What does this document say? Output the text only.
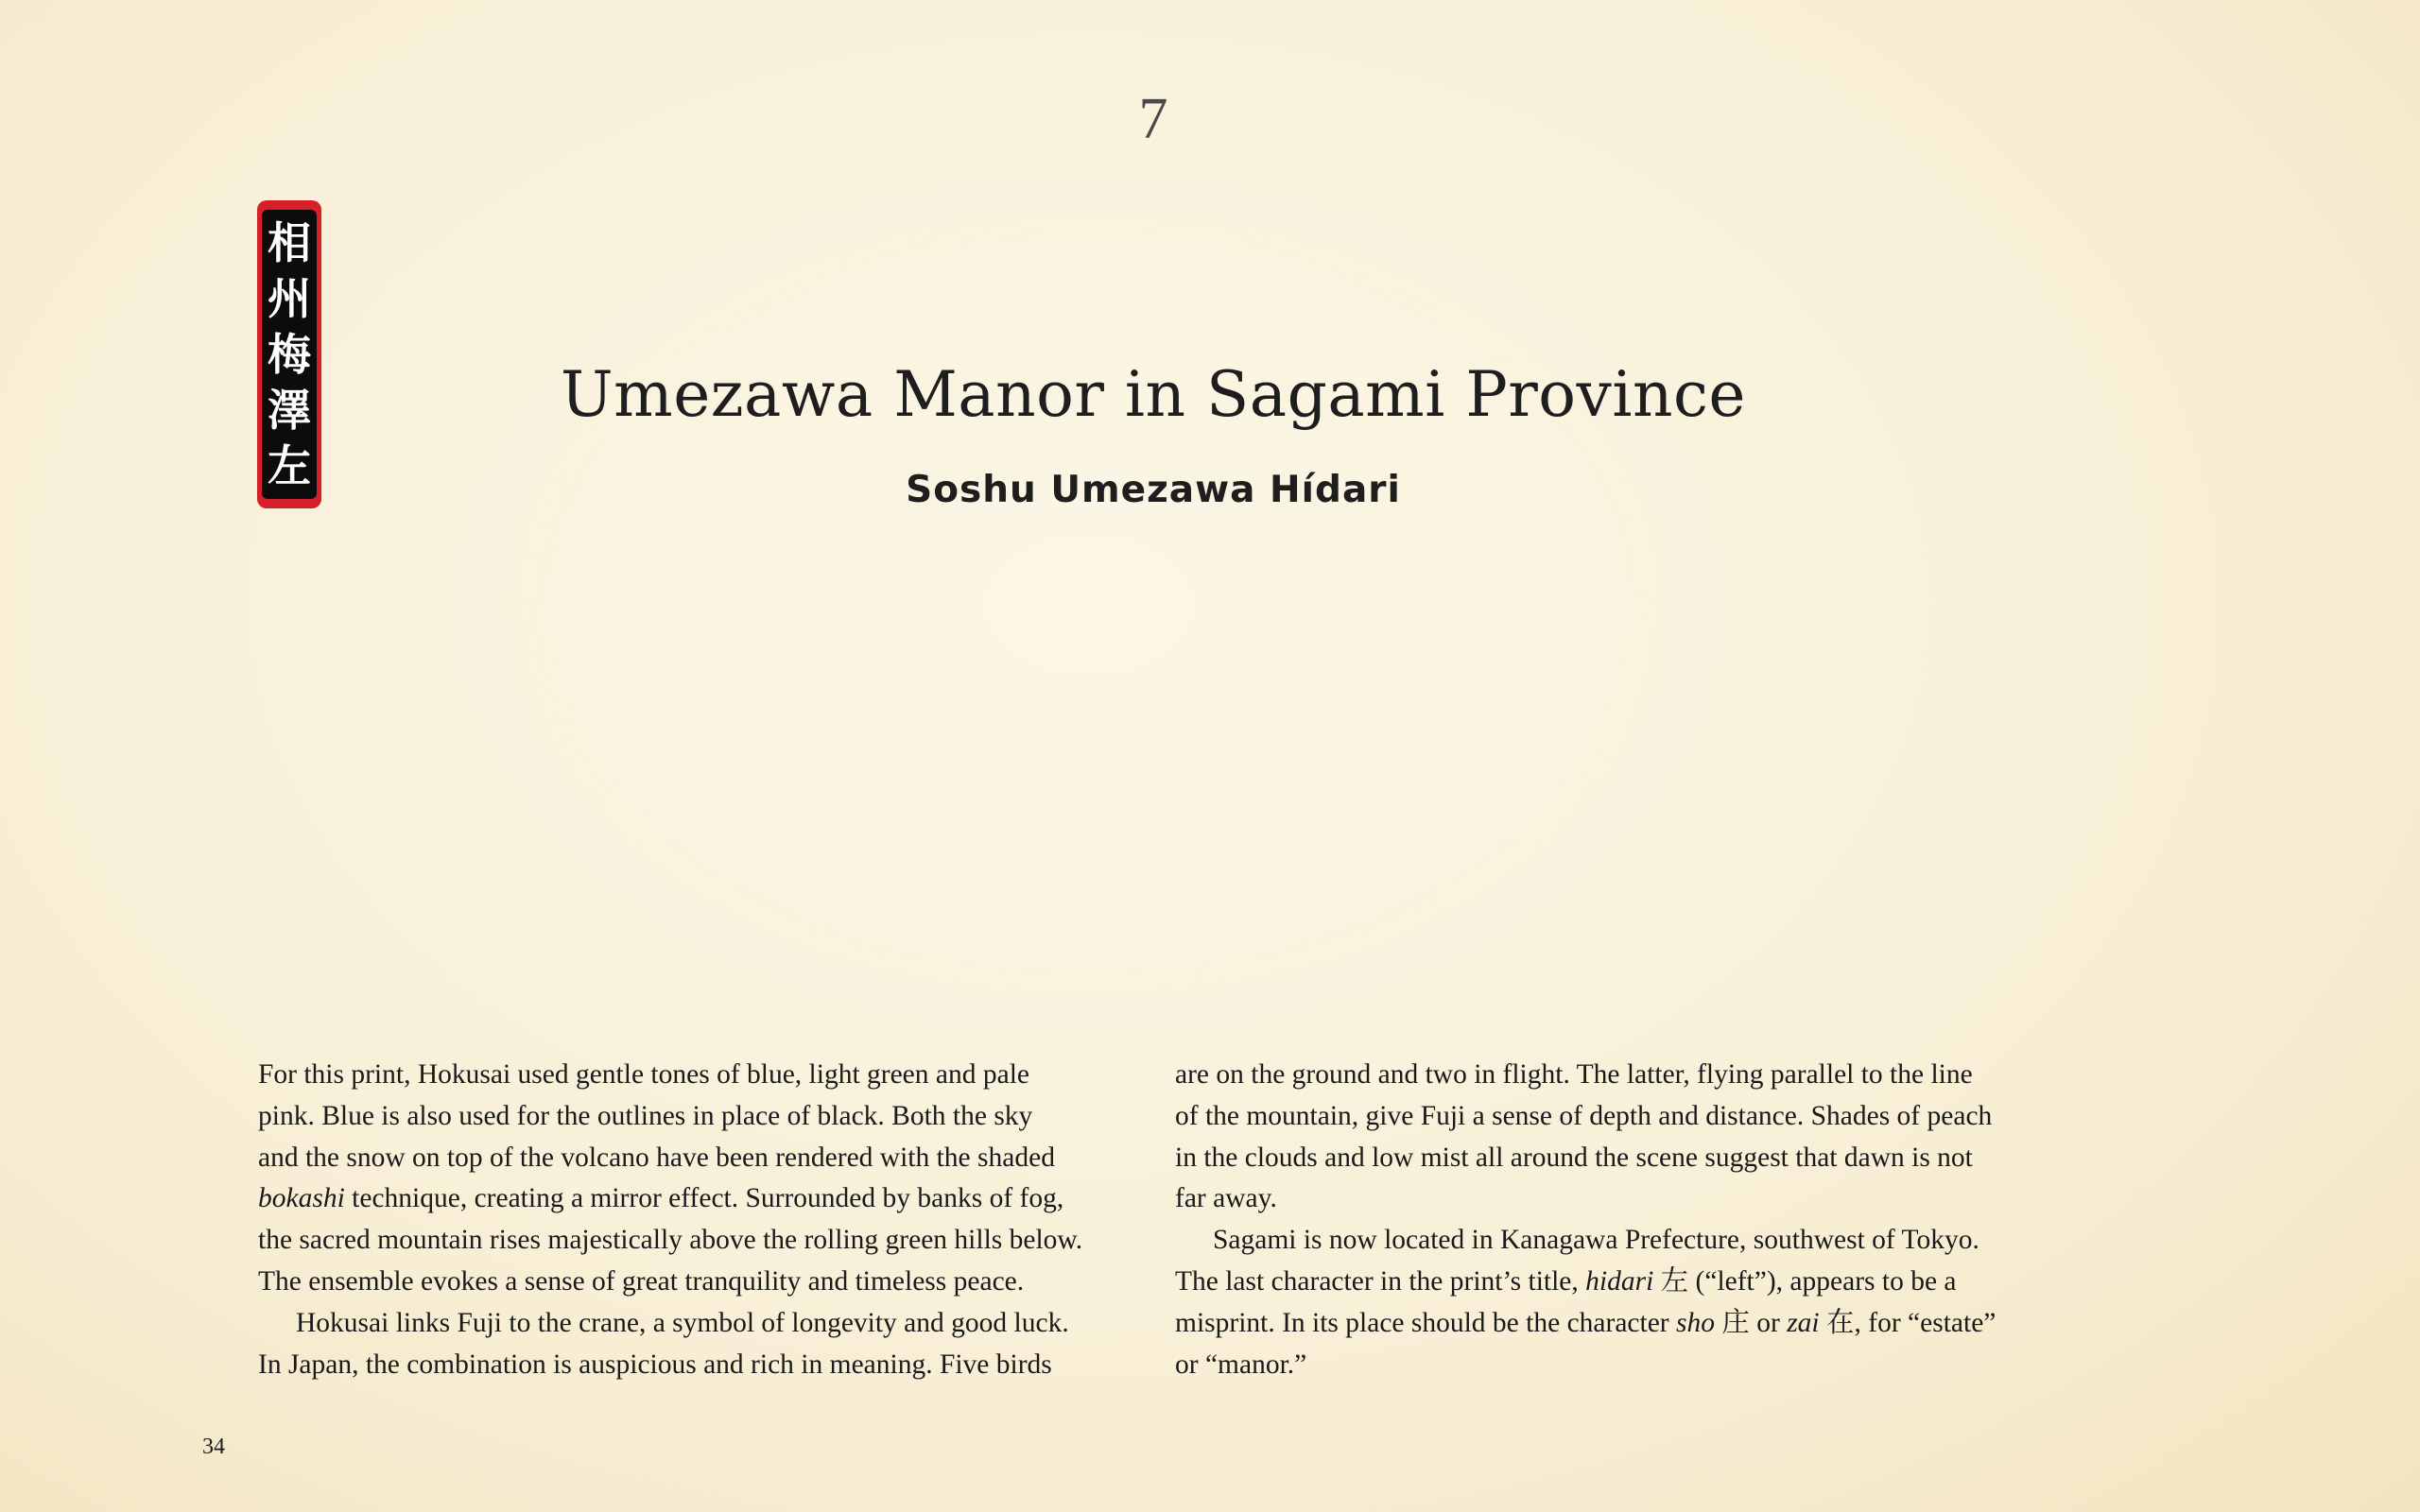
7
相
州
梅
澤
左
Umezawa Manor in Sagami Province
Soshu Umezawa Hídari

For this print, Hokusai used gentle tones of blue, light green and pale

pink. Blue is also used for the outlines in place of black. Both the sky

and the snow on top of the volcano have been rendered with the shaded

bokashi technique, creating a mirror effect. Surrounded by banks of fog,

the sacred mountain rises majestically above the rolling green hills below.

The ensemble evokes a sense of great tranquility and timeless peace.

Hokusai links Fuji to the crane, a symbol of longevity and good luck.

In Japan, the combination is auspicious and rich in meaning. Five birds

are on the ground and two in flight. The latter, flying parallel to the line

of the mountain, give Fuji a sense of depth and distance. Shades of peach

in the clouds and low mist all around the scene suggest that dawn is not

far away.

Sagami is now located in Kanagawa Prefecture, southwest of Tokyo.

The last character in the print’s title, hidari 左 (“left”), appears to be a

misprint. In its place should be the character sho 庄 or zai 在, for “estate”

or “manor.”

34
